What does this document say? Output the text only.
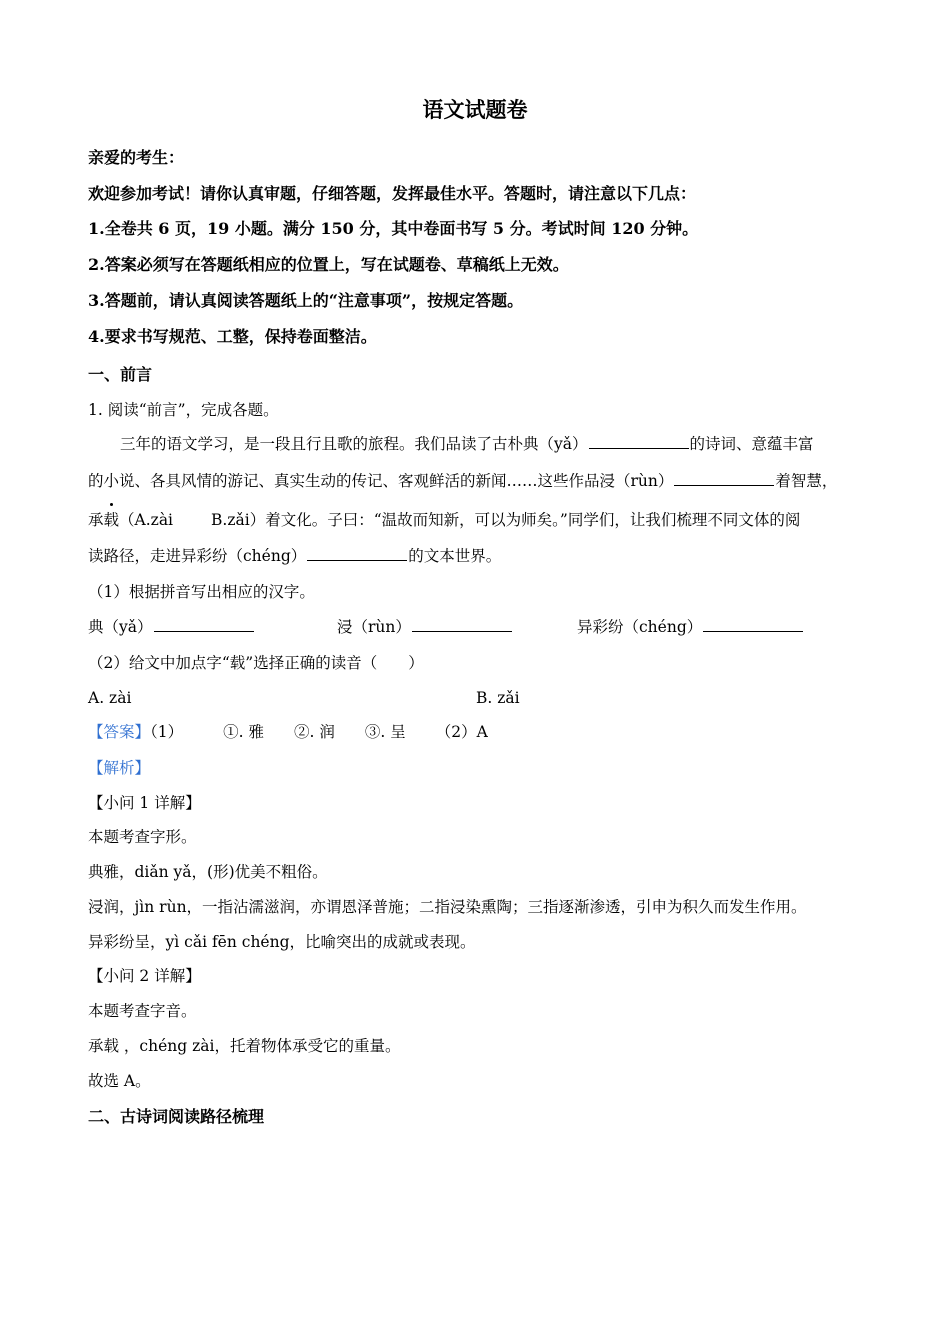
语文试题卷
亲爱的考生：
欢迎参加考试！请你认真审题，仔细答题，发挥最佳水平。答题时，请注意以下几点：
1.全卷共 6 页，19 小题。满分 150 分，其中卷面书写 5 分。考试时间 120 分钟。
2.答案必须写在答题纸相应的位置上，写在试题卷、草稿纸上无效。
3.答题前，请认真阅读答题纸上的“注意事项”，按规定答题。
4.要求书写规范、工整，保持卷面整洁。
一、前言
1. 阅读“前言”，完成各题。
三年的语文学习，是一段且行且歌的旅程。我们品读了古朴典（yǎ）	的诗词、意蕴丰富
的小说、各具风情的游记、真实生动的传记、客观鲜活的新闻……这些作品浸（rùn）	着智慧，
承载（A.zài B.zǎi）着文化。子曰：“温故而知新，可以为师矣。”同学们，让我们梳理不同文体的阅
读路径，走进异彩纷（chéng）	的文本世界。
（1）根据拼音写出相应的汉字。
典（yǎ）	浸（rùn）	异彩纷（chéng）
（2）给文中加点字“载”选择正确的读音（　　）
A. zài	B. zǎi
【答案】（1）	①. 雅 ②. 润 ③. 呈 （2）A
【解析】
【小问 1 详解】
本题考查字形。
典雅，diǎn yǎ，(形)优美不粗俗。
浸润，jìn rùn，一指沾濡滋润，亦谓恩泽普施；二指浸染熏陶；三指逐渐渗透，引申为积久而发生作用。
异彩纷呈，yì cǎi fēn chéng，比喻突出的成就或表现。
【小问 2 详解】
本题考查字音。
承载 ，chéng zài，托着物体承受它的重量。
故选 A。
二、古诗词阅读路径梳理
